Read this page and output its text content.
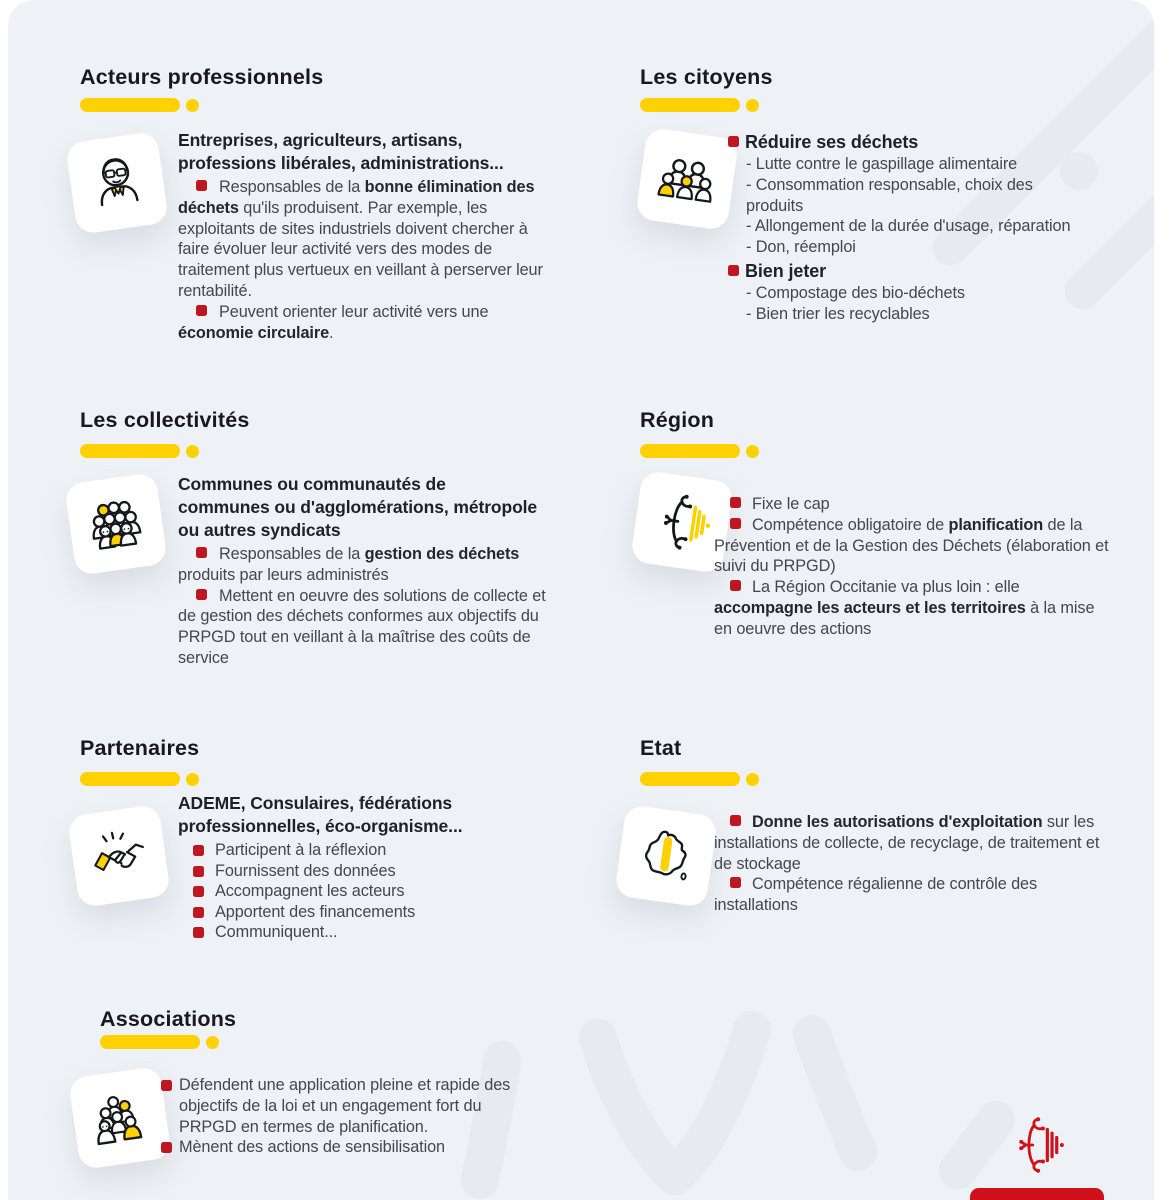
Acteurs professionnels

Entreprises, agriculteurs, artisans, professions libérales, administrations...

Responsables de la bonne élimination des déchets qu'ils produisent. Par exemple, les exploitants de sites industriels doivent chercher à faire évoluer leur activité vers des modes de traitement plus vertueux en veillant à perserver leur rentabilité.

Peuvent orienter leur activité vers une économie circulaire.

Les citoyens
Réduire ses déchets

- Lutte contre le gaspillage alimentaire

- Consommation responsable, choix des produits

- Allongement de la durée d'usage, réparation

- Don, réemploi

Bien jeter

- Compostage des bio-déchets

- Bien trier les recyclables

Les collectivités

Communes ou communautés de communes ou d'agglomérations, métropole ou autres syndicats

Responsables de la gestion des déchets produits par leurs administrés

Mettent en oeuvre des solutions de collecte et de gestion des déchets conformes aux objectifs du PRPGD tout en veillant à la maîtrise des coûts de service

Région

Fixe le cap

Compétence obligatoire de planification de la Prévention et de la Gestion des Déchets (élaboration et suivi du PRPGD)

La Région Occitanie va plus loin : elle accompagne les acteurs et les territoires à la mise en oeuvre des actions

Partenaires

ADEME, Consulaires, fédérations professionnelles, éco-organisme...

Participent à la réflexion
Fournissent des données
Accompagnent les acteurs
Apportent des financements
Communiquent...
Etat

Donne les autorisations d'exploitation sur les installations de collecte, de recyclage, de traitement et de stockage

Compétence régalienne de contrôle des installations

Associations
Défendent une application pleine et rapide des objectifs de la loi et un engagement fort du PRPGD en termes de planification.
Mènent des actions de sensibilisation
